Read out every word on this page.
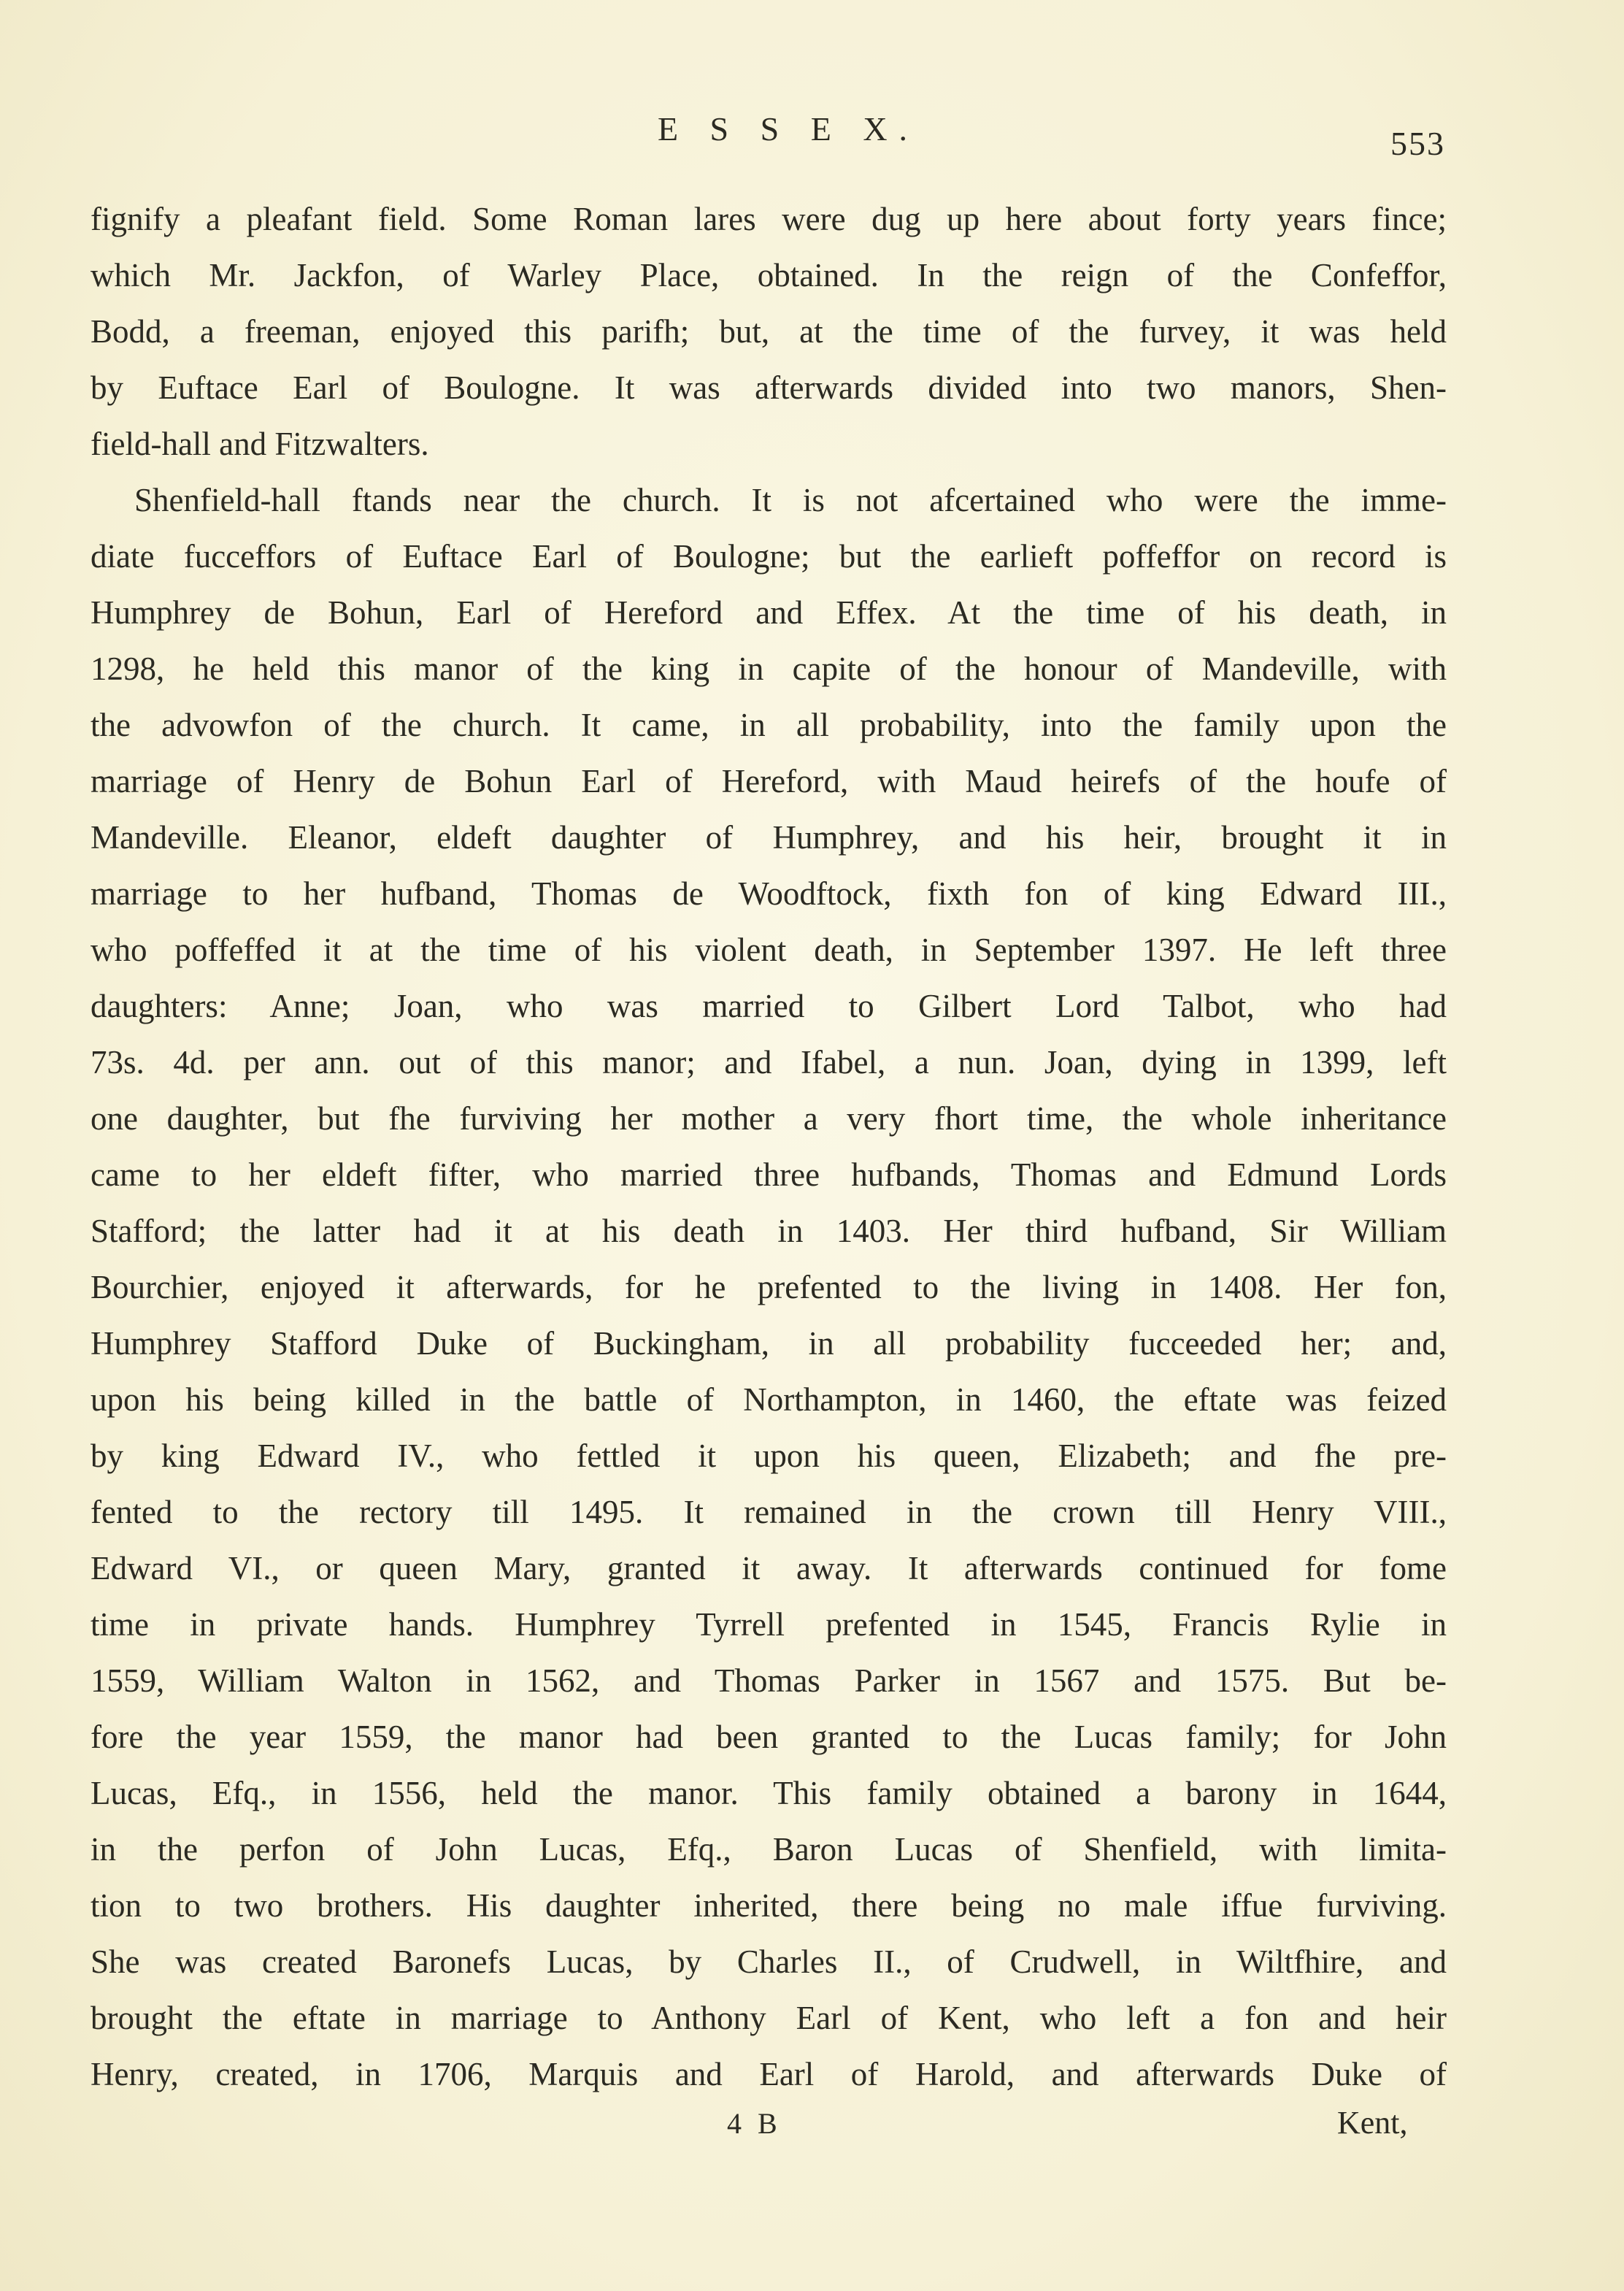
E S S E X.	553
fignify a pleafant field. Some Roman lares were dug up here about forty years fince;
which Mr. Jackfon, of Warley Place, obtained. In the reign of the Confeffor,
Bodd, a freeman, enjoyed this parifh; but, at the time of the furvey, it was held
by Euftace Earl of Boulogne. It was afterwards divided into two manors, Shen-
field-hall and Fitzwalters.
Shenfield-hall ftands near the church. It is not afcertained who were the imme-
diate fucceffors of Euftace Earl of Boulogne; but the earlieft poffeffor on record is
Humphrey de Bohun, Earl of Hereford and Effex. At the time of his death, in
1298, he held this manor of the king in capite of the honour of Mandeville, with
the advowfon of the church. It came, in all probability, into the family upon the
marriage of Henry de Bohun Earl of Hereford, with Maud heirefs of the houfe of
Mandeville. Eleanor, eldeft daughter of Humphrey, and his heir, brought it in
marriage to her hufband, Thomas de Woodftock, fixth fon of king Edward III.,
who poffeffed it at the time of his violent death, in September 1397. He left three
daughters: Anne; Joan, who was married to Gilbert Lord Talbot, who had
73s. 4d. per ann. out of this manor; and Ifabel, a nun. Joan, dying in 1399, left
one daughter, but fhe furviving her mother a very fhort time, the whole inheritance
came to her eldeft fifter, who married three hufbands, Thomas and Edmund Lords
Stafford; the latter had it at his death in 1403. Her third hufband, Sir William
Bourchier, enjoyed it afterwards, for he prefented to the living in 1408. Her fon,
Humphrey Stafford Duke of Buckingham, in all probability fucceeded her; and,
upon his being killed in the battle of Northampton, in 1460, the eftate was feized
by king Edward IV., who fettled it upon his queen, Elizabeth; and fhe pre-
fented to the rectory till 1495. It remained in the crown till Henry VIII.,
Edward VI., or queen Mary, granted it away. It afterwards continued for fome
time in private hands. Humphrey Tyrrell prefented in 1545, Francis Rylie in
1559, William Walton in 1562, and Thomas Parker in 1567 and 1575. But be-
fore the year 1559, the manor had been granted to the Lucas family; for John
Lucas, Efq., in 1556, held the manor. This family obtained a barony in 1644,
in the perfon of John Lucas, Efq., Baron Lucas of Shenfield, with limita-
tion to two brothers. His daughter inherited, there being no male iffue furviving.
She was created Baronefs Lucas, by Charles II., of Crudwell, in Wiltfhire, and
brought the eftate in marriage to Anthony Earl of Kent, who left a fon and heir
Henry, created, in 1706, Marquis and Earl of Harold, and afterwards Duke of
4 B	Kent,
